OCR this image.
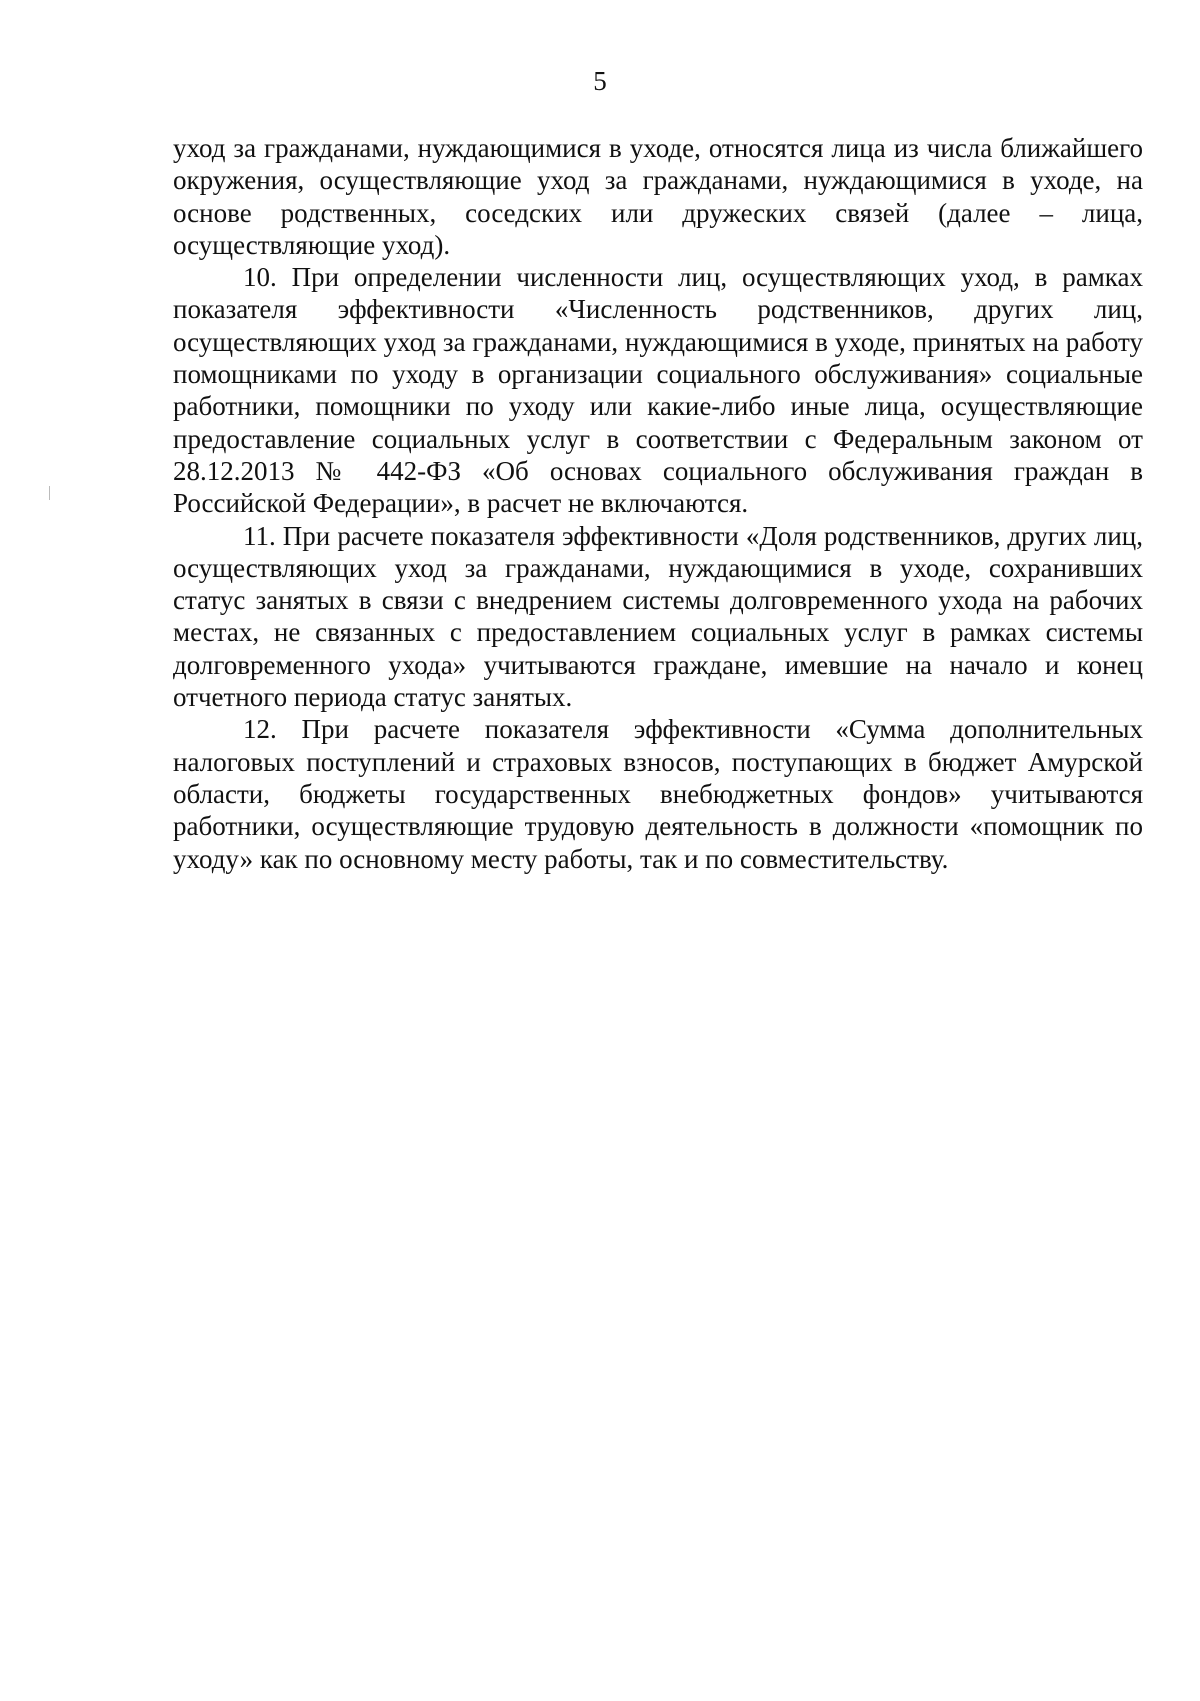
5

уход за гражданами, нуждающимися в уходе, относятся лица из числа ближайшего окружения, осуществляющие уход за гражданами, нуждающимися в уходе, на основе родственных, соседских или дружеских связей (далее – лица, осуществляющие уход).

10. При определении численности лиц, осуществляющих уход, в рамках показателя эффективности «Численность родственников, других лиц, осуществляющих уход за гражданами, нуждающимися в уходе, принятых на работу помощниками по уходу в организации социального обслуживания» социальные работники, помощники по уходу или какие-либо иные лица, осуществляющие предоставление социальных услуг в соответствии с Федеральным законом от 28.12.2013 № 442-ФЗ «Об основах социального обслуживания граждан в Российской Федерации», в расчет не включаются.

11. При расчете показателя эффективности «Доля родственников, других лиц, осуществляющих уход за гражданами, нуждающимися в уходе, сохранивших статус занятых в связи с внедрением системы долговременного ухода на рабочих местах, не связанных с предоставлением социальных услуг в рамках системы долговременного ухода» учитываются граждане, имевшие на начало и конец отчетного периода статус занятых.

12. При расчете показателя эффективности «Сумма дополнительных налоговых поступлений и страховых взносов, поступающих в бюджет Амурской области, бюджеты государственных внебюджетных фондов» учитываются работники, осуществляющие трудовую деятельность в должности «помощник по уходу» как по основному месту работы, так и по совместительству.
